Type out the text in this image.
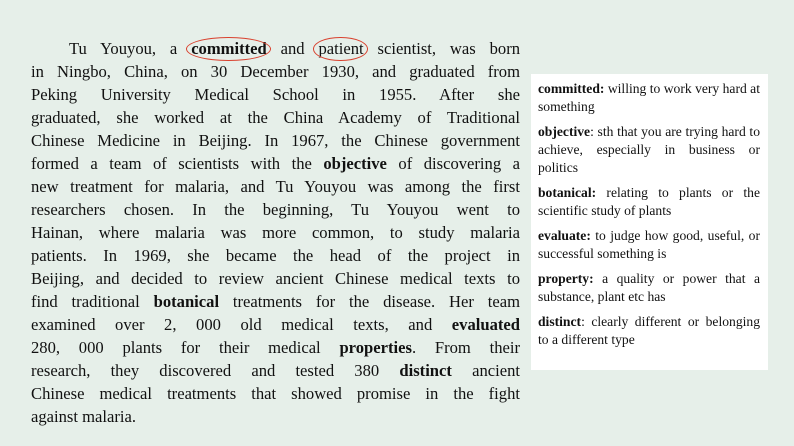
Tu Youyou, a committed and patient scientist, was born
in Ningbo, China, on 30 December 1930, and graduated from
Peking University Medical School in 1955. After she
graduated, she worked at the China Academy of Traditional
Chinese Medicine in Beijing. In 1967, the Chinese government
formed a team of scientists with the objective of discovering a
new treatment for malaria, and Tu Youyou was among the first
researchers chosen. In the beginning, Tu Youyou went to
Hainan, where malaria was more common, to study malaria
patients. In 1969, she became the head of the project in
Beijing, and decided to review ancient Chinese medical texts to
find traditional botanical treatments for the disease. Her team
examined over 2, 000 old medical texts, and evaluated
280, 000 plants for their medical properties. From their
research, they discovered and tested 380 distinct ancient
Chinese medical treatments that showed promise in the fight
against malaria.
committed: willing to work very hard at something
objective: sth that you are trying hard to achieve, especially in business or politics
botanical: relating to plants or the scientific study of plants
evaluate: to judge how good, useful, or successful something is
property: a quality or power that a substance, plant etc has
distinct: clearly different or belonging to a different type
